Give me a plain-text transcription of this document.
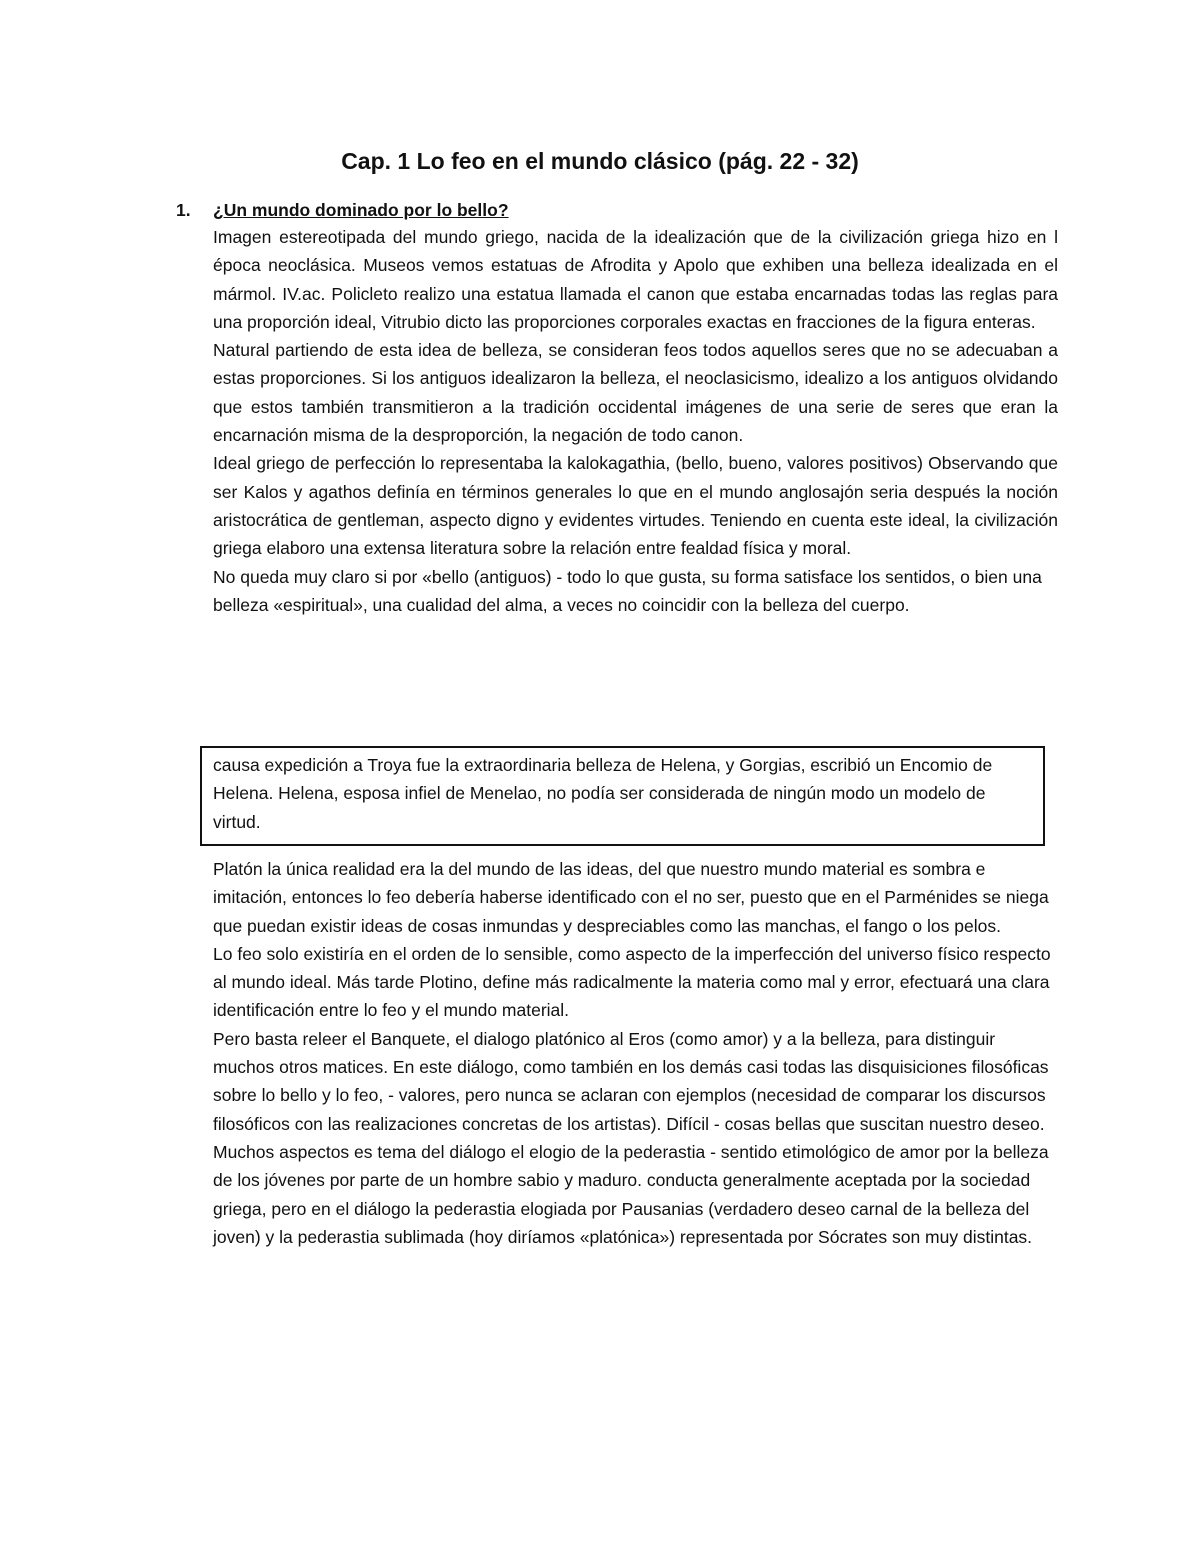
Cap. 1 Lo feo en el mundo clásico (pág. 22 - 32)
1. ¿Un mundo dominado por lo bello?

Imagen estereotipada del mundo griego, nacida de la idealización que de la civilización griega hizo en l época neoclásica. Museos vemos estatuas de Afrodita y Apolo que exhiben una belleza idealizada en el mármol. IV.ac. Policleto realizo una estatua llamada el canon que estaba encarnadas todas las reglas para una proporción ideal, Vitrubio dicto las proporciones corporales exactas en fracciones de la figura enteras.

Natural partiendo de esta idea de belleza, se consideran feos todos aquellos seres que no se adecuaban a estas proporciones. Si los antiguos idealizaron la belleza, el neoclasicismo, idealizo a los antiguos olvidando que estos también transmitieron a la tradición occidental imágenes de una serie de seres que eran la encarnación misma de la desproporción, la negación de todo canon.

Ideal griego de perfección lo representaba la kalokagathia, (bello, bueno, valores positivos) Observando que ser Kalos y agathos definía en términos generales lo que en el mundo anglosajón seria después la noción aristocrática de gentleman, aspecto digno y evidentes virtudes. Teniendo en cuenta este ideal, la civilización griega elaboro una extensa literatura sobre la relación entre fealdad física y moral.

No queda muy claro si por «bello (antiguos) - todo lo que gusta, su forma satisface los sentidos, o bien una belleza «espiritual», una cualidad del alma, a veces no coincidir con la belleza del cuerpo.

causa expedición a Troya fue la extraordinaria belleza de Helena, y Gorgias, escribió un Encomio de Helena. Helena, esposa infiel de Menelao, no podía ser considerada de ningún modo un modelo de virtud.

Platón la única realidad era la del mundo de las ideas, del que nuestro mundo material es sombra e imitación, entonces lo feo debería haberse identificado con el no ser, puesto que en el Parménides se niega que puedan existir ideas de cosas inmundas y despreciables como las manchas, el fango o los pelos.

Lo feo solo existiría en el orden de lo sensible, como aspecto de la imperfección del universo físico respecto al mundo ideal. Más tarde Plotino, define más radicalmente la materia como mal y error, efectuará una clara identificación entre lo feo y el mundo material.

Pero basta releer el Banquete, el dialogo platónico al Eros (como amor) y a la belleza, para distinguir muchos otros matices. En este diálogo, como también en los demás casi todas las disquisiciones filosóficas sobre lo bello y lo feo, - valores, pero nunca se aclaran con ejemplos (necesidad de comparar los discursos filosóficos con las realizaciones concretas de los artistas). Difícil - cosas bellas que suscitan nuestro deseo.

Muchos aspectos es tema del diálogo el elogio de la pederastia - sentido etimológico de amor por la belleza de los jóvenes por parte de un hombre sabio y maduro. conducta generalmente aceptada por la sociedad griega, pero en el diálogo la pederastia elogiada por Pausanias (verdadero deseo carnal de la belleza del joven) y la pederastia sublimada (hoy diríamos «platónica») representada por Sócrates son muy distintas.
